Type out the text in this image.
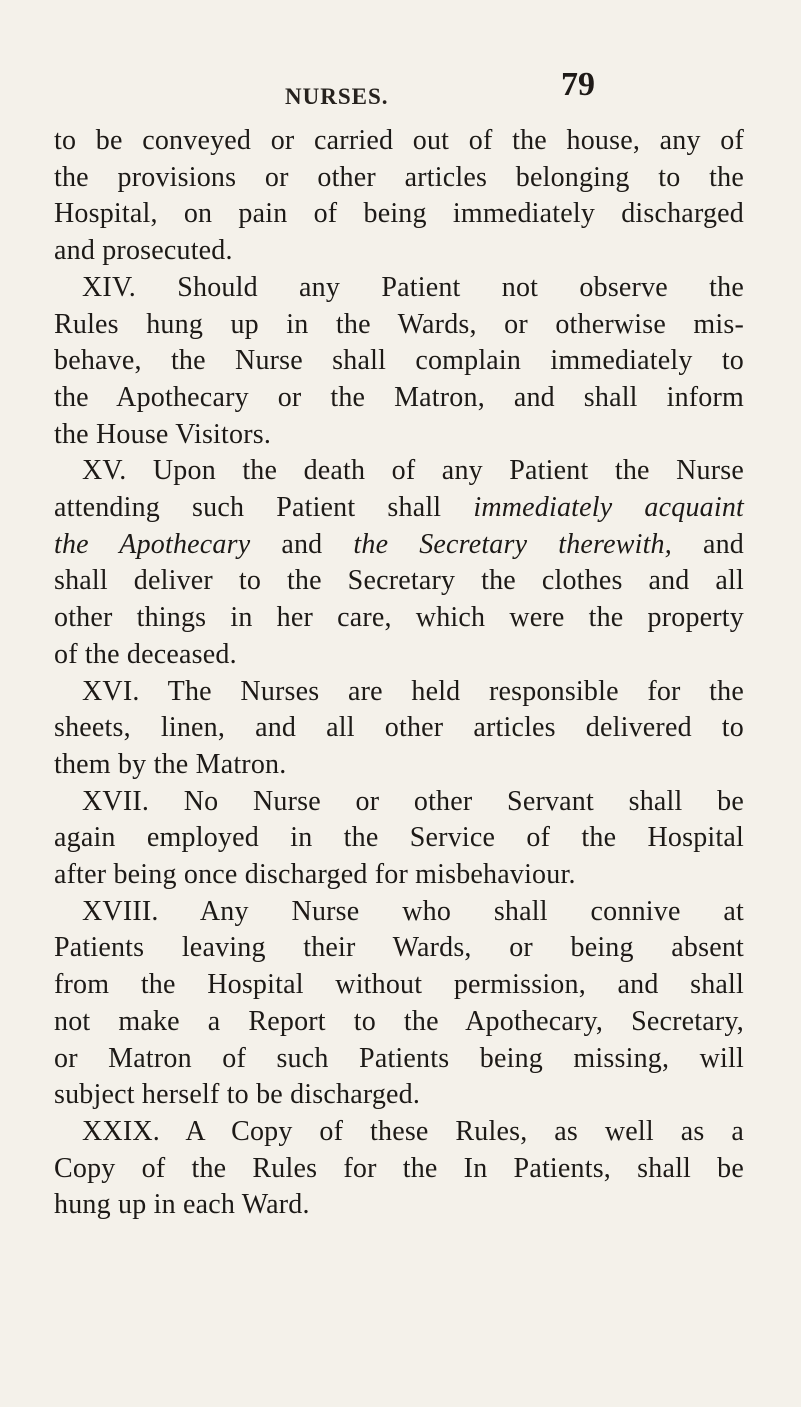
NURSES.	79
to be conveyed or carried out of the house, any of
the provisions or other articles belonging to the
Hospital, on pain of being immediately discharged
and prosecuted.
XIV. Should any Patient not observe the
Rules hung up in the Wards, or otherwise mis-
behave, the Nurse shall complain immediately to
the Apothecary or the Matron, and shall inform
the House Visitors.
XV. Upon the death of any Patient the Nurse
attending such Patient shall immediately acquaint
the Apothecary and the Secretary therewith, and
shall deliver to the Secretary the clothes and all
other things in her care, which were the property
of the deceased.
XVI. The Nurses are held responsible for the
sheets, linen, and all other articles delivered to
them by the Matron.
XVII. No Nurse or other Servant shall be
again employed in the Service of the Hospital
after being once discharged for misbehaviour.
XVIII. Any Nurse who shall connive at
Patients leaving their Wards, or being absent
from the Hospital without permission, and shall
not make a Report to the Apothecary, Secretary,
or Matron of such Patients being missing, will
subject herself to be discharged.
XXIX. A Copy of these Rules, as well as a
Copy of the Rules for the In Patients, shall be
hung up in each Ward.
